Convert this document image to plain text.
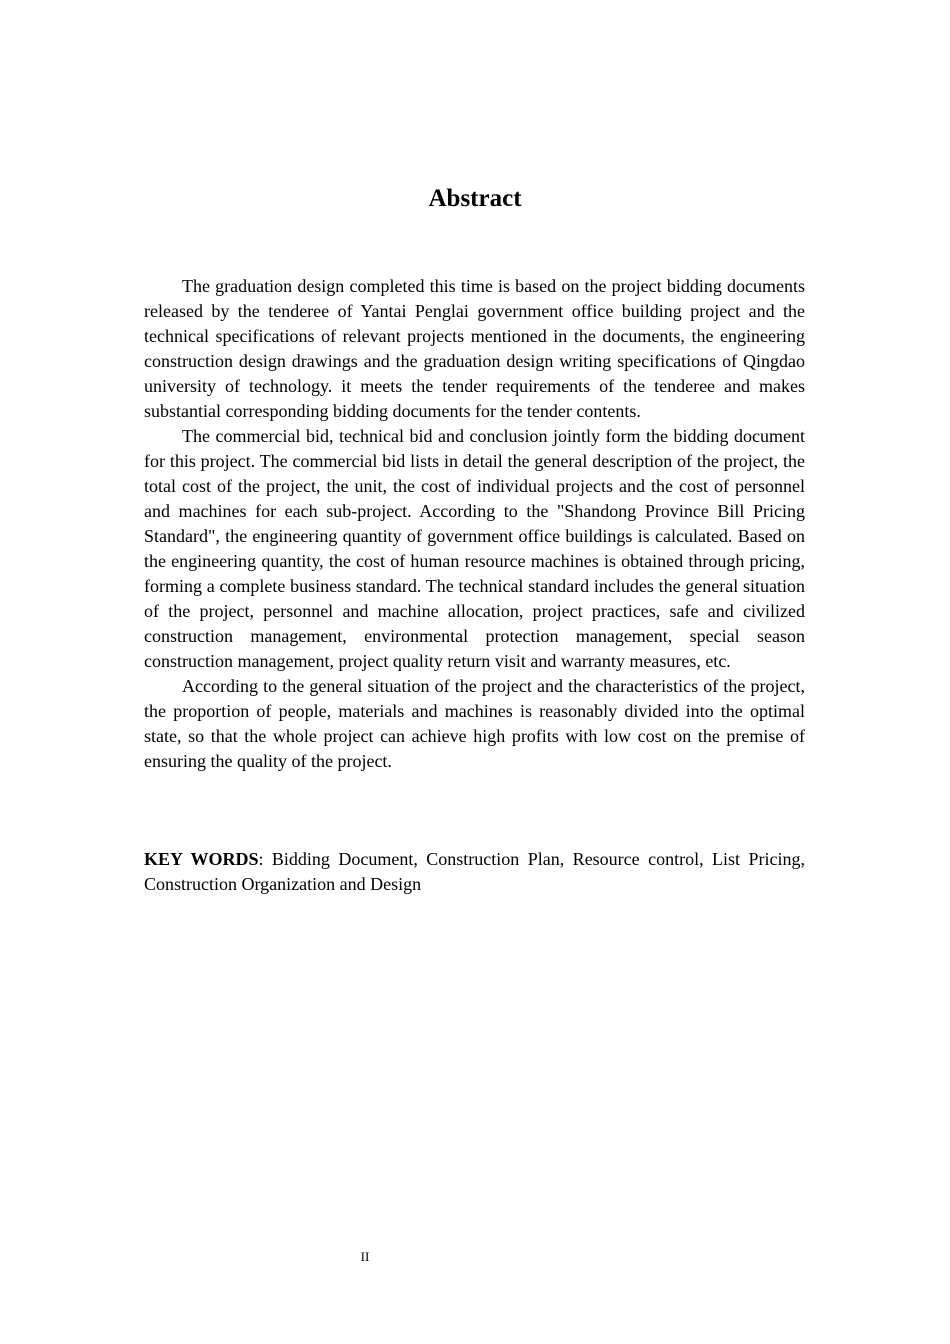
Abstract

The graduation design completed this time is based on the project bidding documents released by the tenderee of Yantai Penglai government office building project and the technical specifications of relevant projects mentioned in the documents, the engineering construction design drawings and the graduation design writing specifications of Qingdao university of technology. it meets the tender requirements of the tenderee and makes substantial corresponding bidding documents for the tender contents.

The commercial bid, technical bid and conclusion jointly form the bidding document for this project. The commercial bid lists in detail the general description of the project, the total cost of the project, the unit, the cost of individual projects and the cost of personnel and machines for each sub-project. According to the "Shandong Province Bill Pricing Standard", the engineering quantity of government office buildings is calculated. Based on the engineering quantity, the cost of human resource machines is obtained through pricing, forming a complete business standard. The technical standard includes the general situation of the project, personnel and machine allocation, project practices, safe and civilized construction management, environmental protection management, special season construction management, project quality return visit and warranty measures, etc.

According to the general situation of the project and the characteristics of the project, the proportion of people, materials and machines is reasonably divided into the optimal state, so that the whole project can achieve high profits with low cost on the premise of ensuring the quality of the project.

KEY WORDS: Bidding Document, Construction Plan, Resource control, List Pricing, Construction Organization and Design

II
